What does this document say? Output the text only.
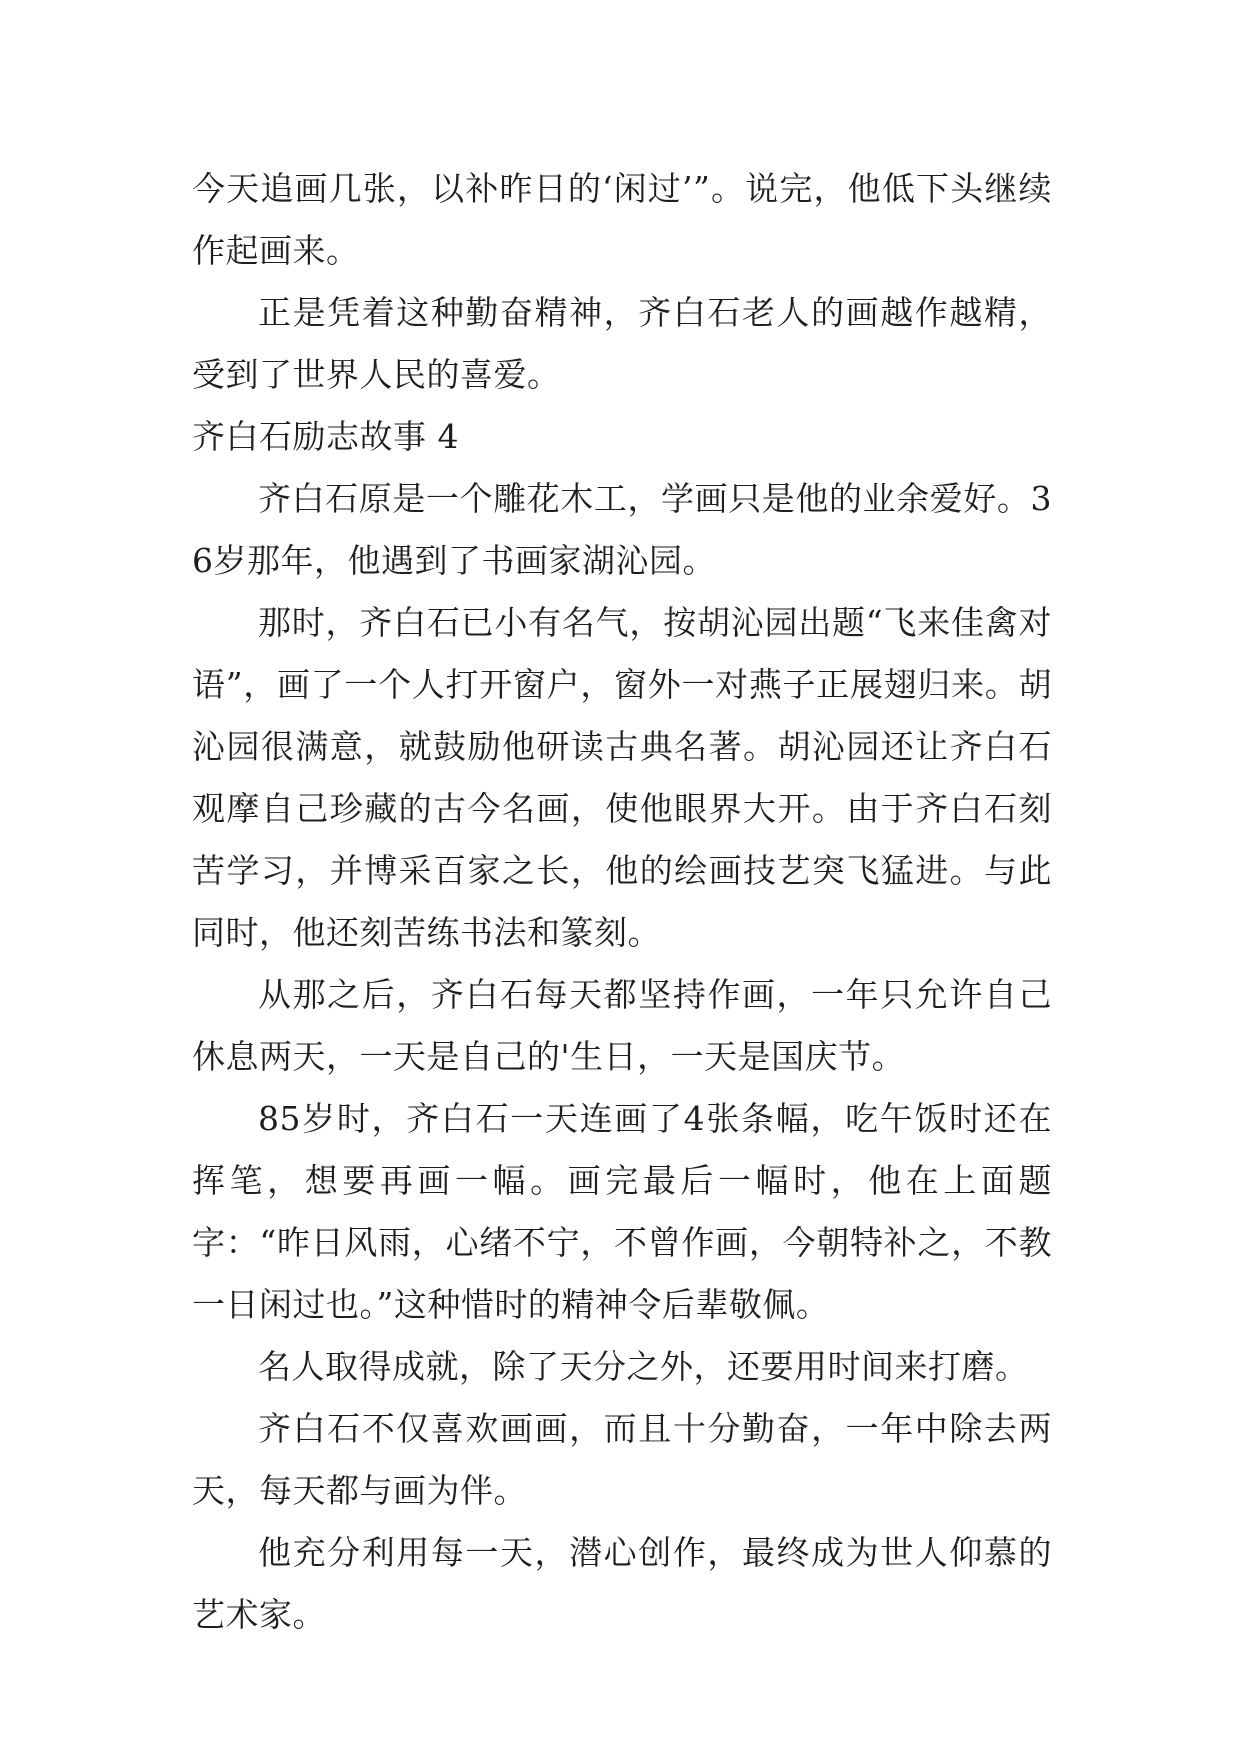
今天追画几张，以补昨日的‘闲过’”。说完，他低下头继续作起画来。

正是凭着这种勤奋精神，齐白石老人的画越作越精，受到了世界人民的喜爱。

齐白石励志故事 4

齐白石原是一个雕花木工，学画只是他的业余爱好。36岁那年，他遇到了书画家湖沁园。

那时，齐白石已小有名气，按胡沁园出题“飞来佳禽对语”，画了一个人打开窗户，窗外一对燕子正展翅归来。胡沁园很满意，就鼓励他研读古典名著。胡沁园还让齐白石观摩自己珍藏的古今名画，使他眼界大开。由于齐白石刻苦学习，并博采百家之长，他的绘画技艺突飞猛进。与此同时，他还刻苦练书法和篆刻。

从那之后，齐白石每天都坚持作画，一年只允许自己休息两天，一天是自己的'生日，一天是国庆节。

85岁时，齐白石一天连画了4张条幅，吃午饭时还在挥笔，想要再画一幅。画完最后一幅时，他在上面题字：“昨日风雨，心绪不宁，不曾作画，今朝特补之，不教一日闲过也。”这种惜时的精神令后辈敬佩。

名人取得成就，除了天分之外，还要用时间来打磨。

齐白石不仅喜欢画画，而且十分勤奋，一年中除去两天，每天都与画为伴。

他充分利用每一天，潜心创作，最终成为世人仰慕的艺术家。
